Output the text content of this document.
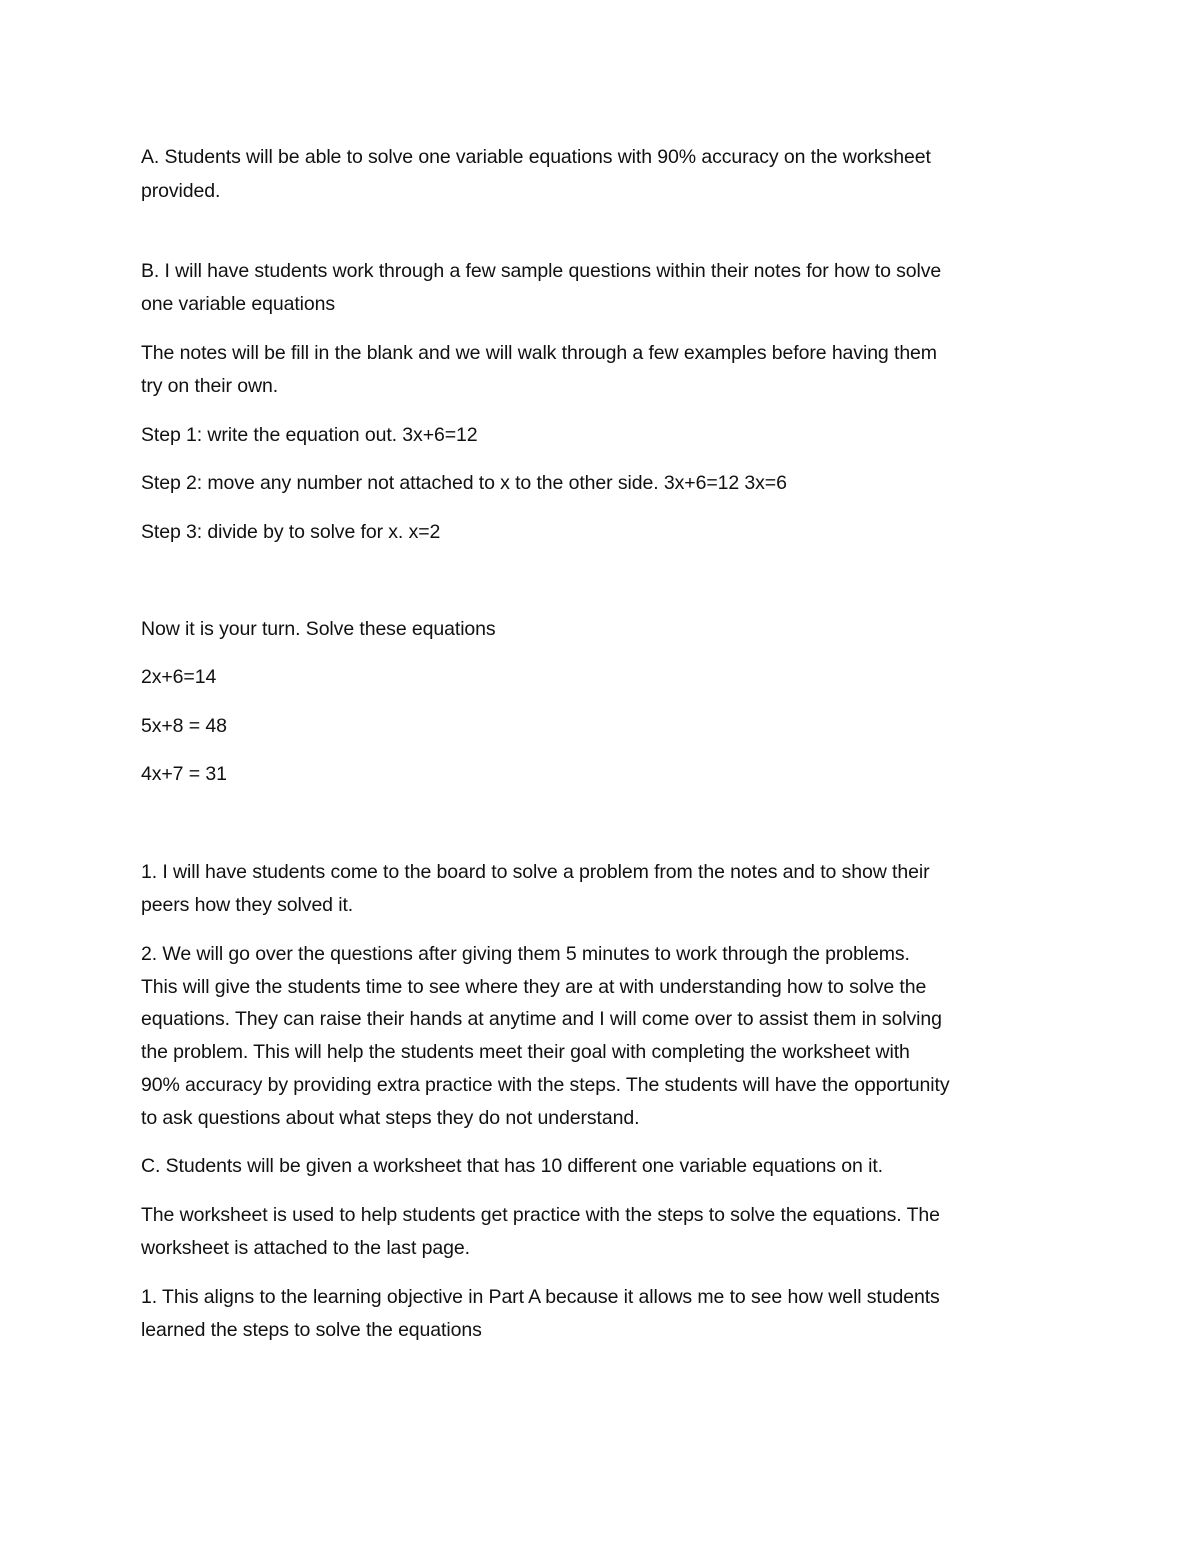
A. Students will be able to solve one variable equations with 90% accuracy on the worksheet

provided.

B. I will have students work through a few sample questions within their notes for how to solve

one variable equations

The notes will be fill in the blank and we will walk through a few examples before having them

try on their own.

Step 1: write the equation out. 3x+6=12

Step 2: move any number not attached to x to the other side. 3x+6=12 3x=6

Step 3: divide by to solve for x. x=2

Now it is your turn. Solve these equations

2x+6=14

5x+8 = 48

4x+7 = 31

1. I will have students come to the board to solve a problem from the notes and to show their

peers how they solved it.

2. We will go over the questions after giving them 5 minutes to work through the problems.

This will give the students time to see where they are at with understanding how to solve the

equations. They can raise their hands at anytime and I will come over to assist them in solving

the problem. This will help the students meet their goal with completing the worksheet with

90% accuracy by providing extra practice with the steps. The students will have the opportunity

to ask questions about what steps they do not understand.

C. Students will be given a worksheet that has 10 different one variable equations on it.

The worksheet is used to help students get practice with the steps to solve the equations. The

worksheet is attached to the last page.

1. This aligns to the learning objective in Part A because it allows me to see how well students

learned the steps to solve the equations
